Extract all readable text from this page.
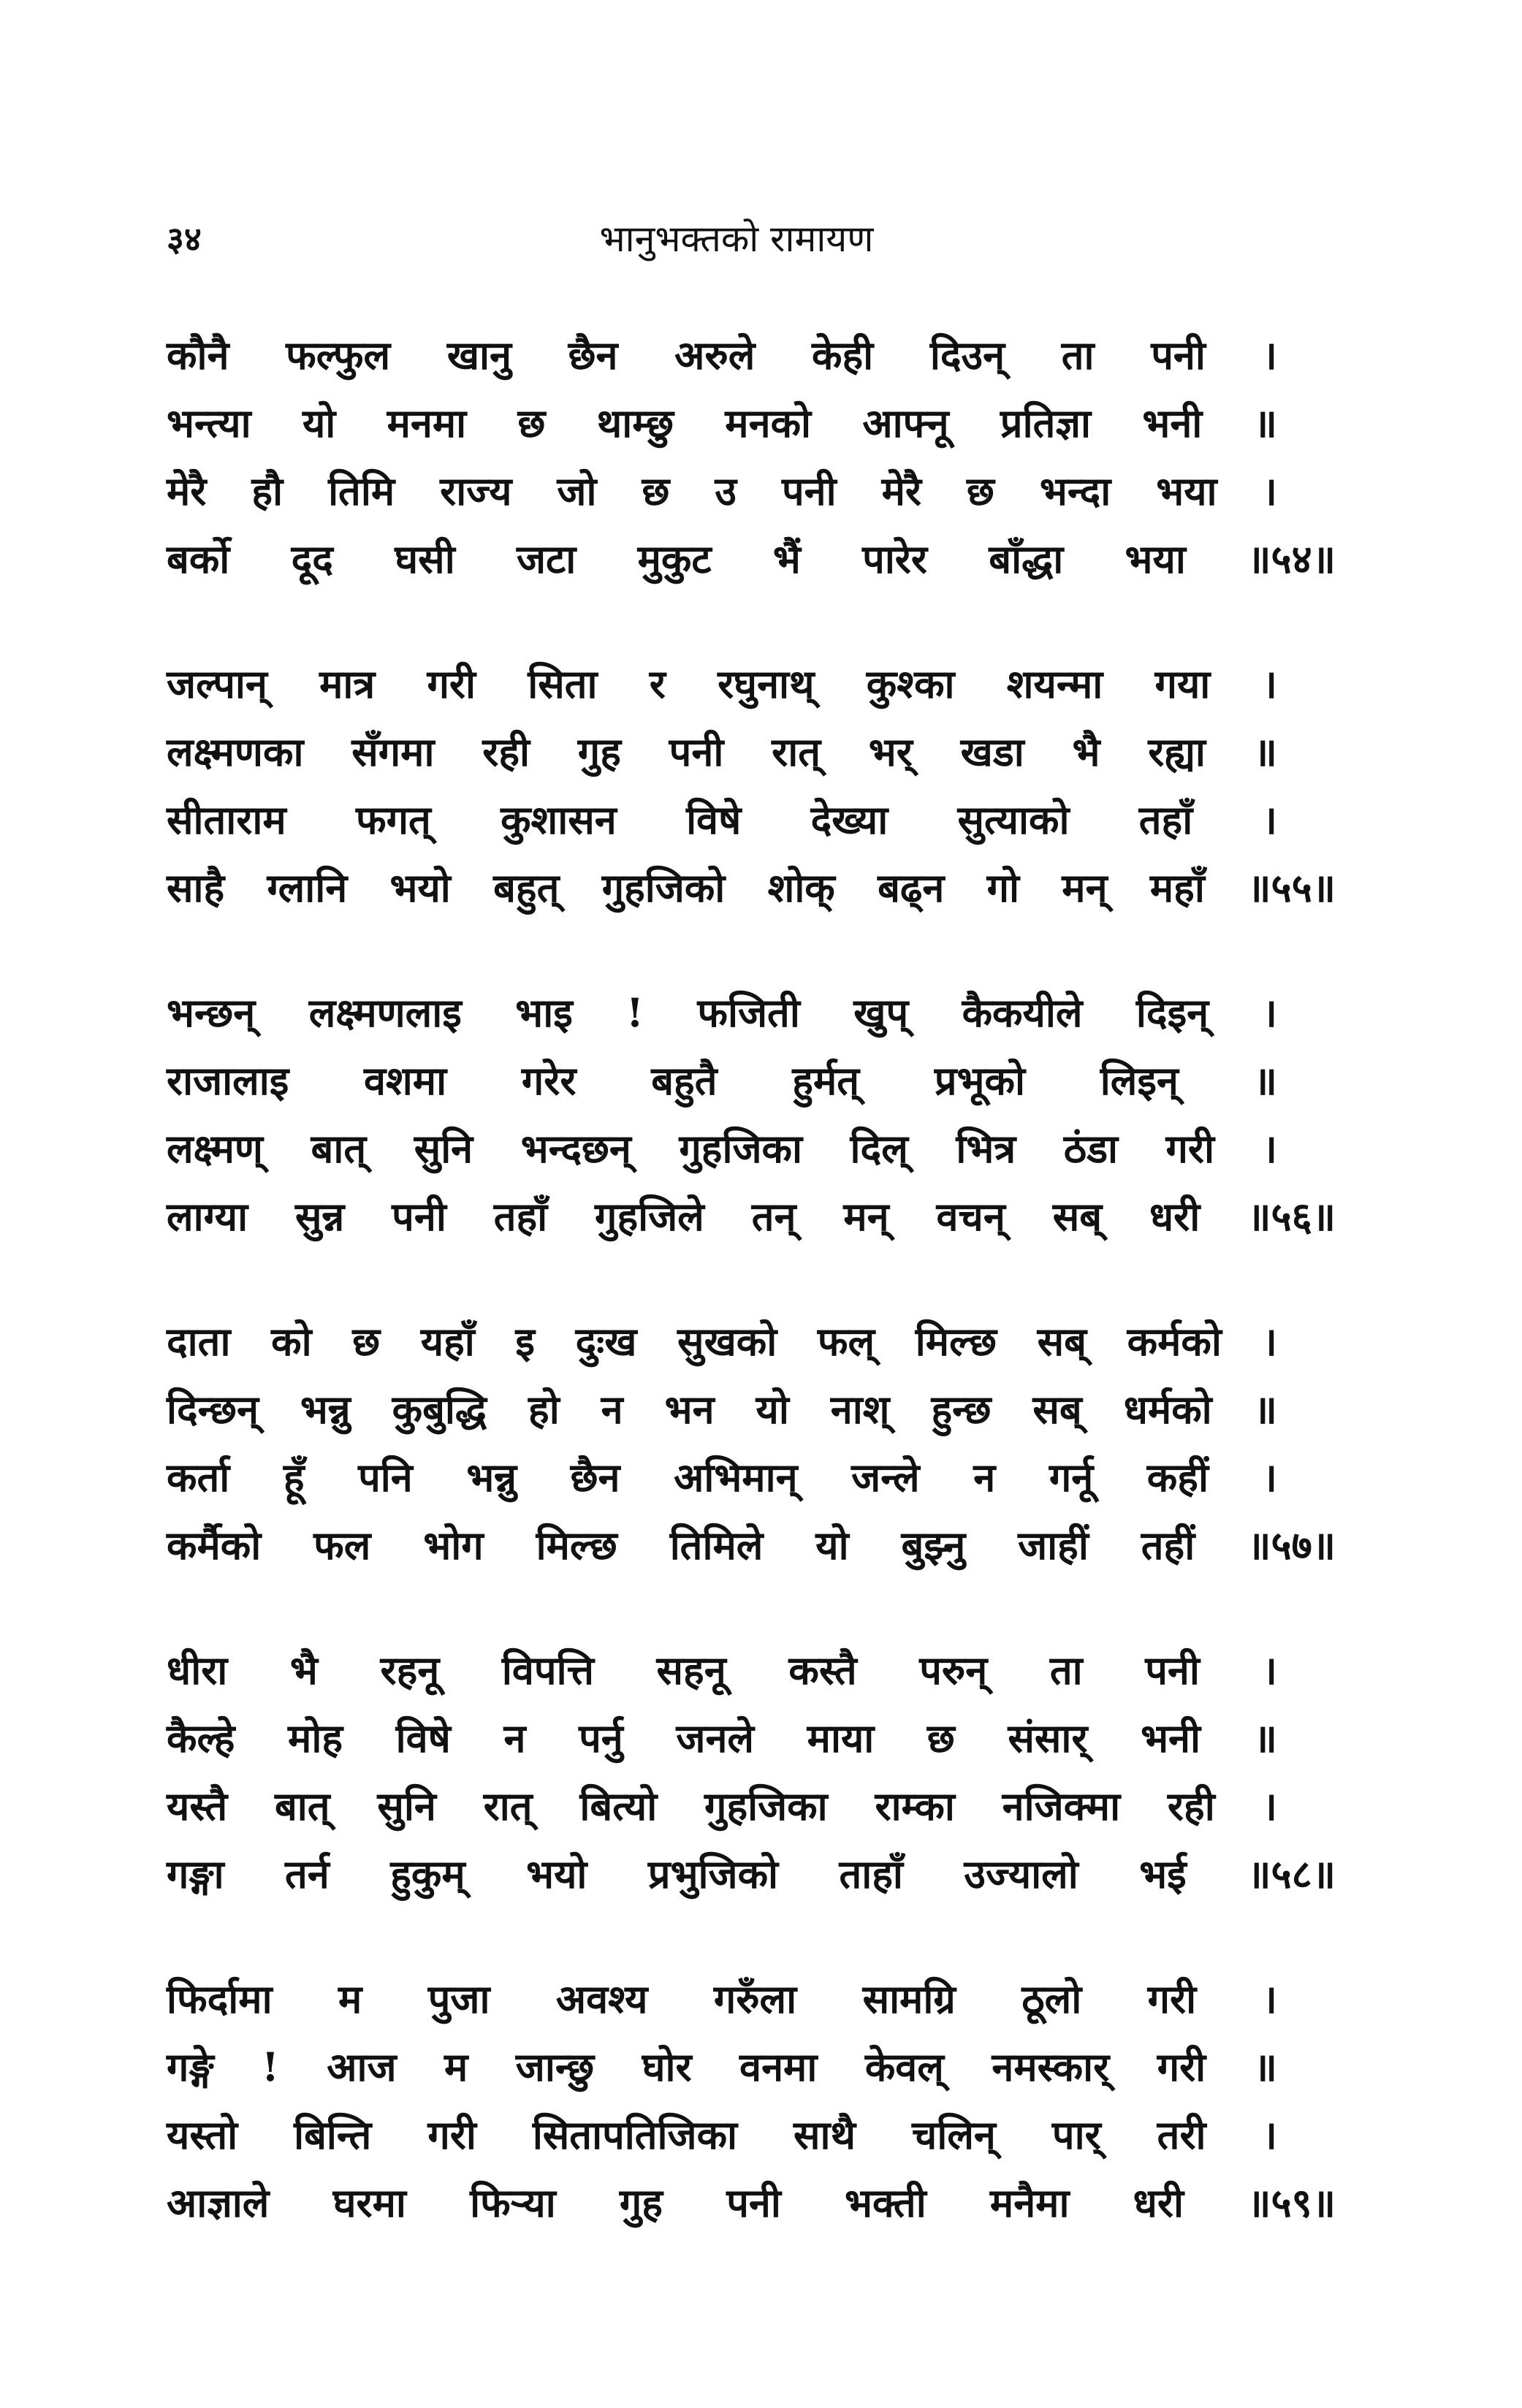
३४	भानुभक्तको रामायण
कौनै फल्फुल खानु छैन अरुले केही दिउन् ता पनी ।
भन्त्या यो मनमा छ थाम्छु मनको आफ्नू प्रतिज्ञा भनी ॥
मेरै हौ तिमि राज्य जो छ उ पनी मेरै छ भन्दा भया ।
बर्को दूद घसी जटा मुकुट भैं पारेर बाँद्धा भया ॥५४॥
जल्पान् मात्र गरी सिता र रघुनाथ् कुश्का शयन्मा गया ।
लक्ष्मणका सँगमा रही गुह पनी रात् भर् खडा भै रह्या ॥
सीताराम फगत् कुशासन विषे देख्या सुत्याको तहाँ ।
साहै ग्लानि भयो बहुत् गुहजिको शोक् बढ्न गो मन् महाँ ॥५५॥
भन्छन् लक्ष्मणलाइ भाइ ! फजिती खुप् कैकयीले दिइन् ।
राजालाइ वशमा गरेर बहुतै हुर्मत् प्रभूको लिइन् ॥
लक्ष्मण् बात् सुनि भन्दछन् गुहजिका दिल् भित्र ठंडा गरी ।
लाग्या सुन्न पनी तहाँ गुहजिले तन् मन् वचन् सब् धरी ॥५६॥
दाता को छ यहाँ इ दुःख सुखको फल् मिल्छ सब् कर्मको ।
दिन्छन् भन्नु कुबुद्धि हो न भन यो नाश् हुन्छ सब् धर्मको ॥
कर्ता हूँ पनि भन्नु छैन अभिमान् जन्ले न गर्नू कहीं ।
कर्मैको फल भोग मिल्छ तिमिले यो बुझ्नु जाहीं तहीं ॥५७॥
धीरा भै रहनू विपत्ति सहनू कस्तै परुन् ता पनी ।
कैल्हे मोह विषे न पर्नु जनले माया छ संसार् भनी ॥
यस्तै बात् सुनि रात् बित्यो गुहजिका राम्का नजिक्मा रही ।
गङ्गा तर्न हुकुम् भयो प्रभुजिको ताहाँ उज्यालो भई ॥५८॥
फिर्दामा म पुजा अवश्य गरुँला सामग्रि ठूलो गरी ।
गङ्गे ! आज म जान्छु घोर वनमा केवल् नमस्कार् गरी ॥
यस्तो बिन्ति गरी सितापतिजिका साथै चलिन् पार् तरी ।
आज्ञाले घरमा फिऱ्या गुह पनी भक्ती मनैमा धरी ॥५९॥
